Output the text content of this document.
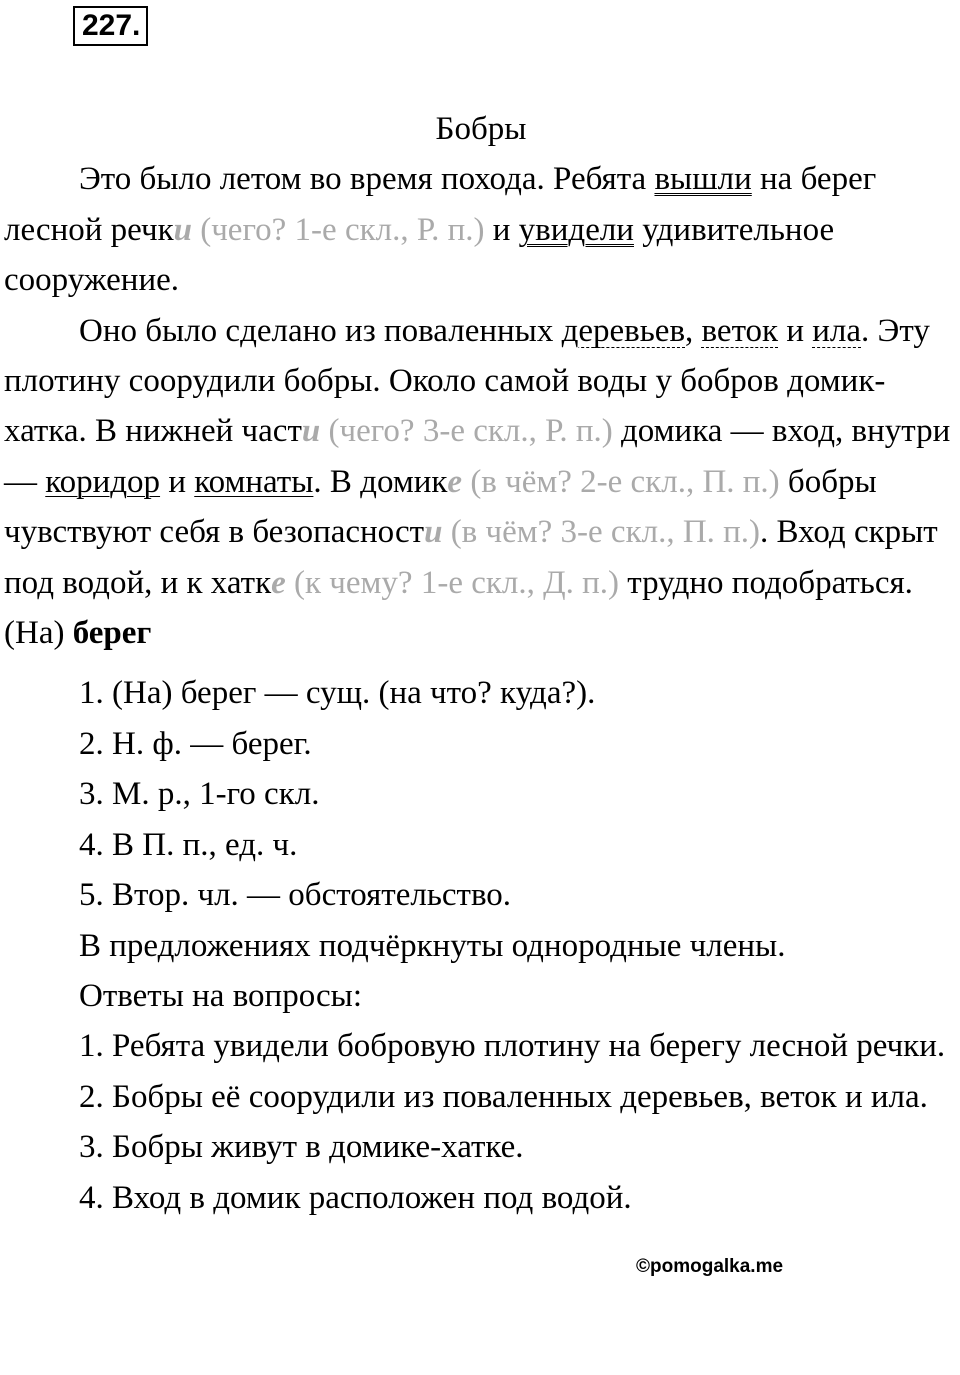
227.

Бобры

Это было летом во время похода. Ребята вышли на берег лесной речки (чего? 1-е скл., Р. п.) и увидели удивительное сооружение.

Оно было сделано из поваленных деревьев, веток и ила. Эту плотину соорудили бобры. Около самой воды у бобров домик-хатка. В нижней части (чего? 3-е скл., Р. п.) домика — вход, внутри — коридор и комнаты. В домике (в чём? 2-е скл., П. п.) бобры чувствуют себя в безопасности (в чём? 3-е скл., П. п.). Вход скрыт под водой, и к хатке (к чему? 1-е скл., Д. п.) трудно подобраться.

(На) берег

1. (На) берег — сущ. (на что? куда?).

2. Н. ф. — берег.

3. М. р., 1-го скл.

4. В П. п., ед. ч.

5. Втор. чл. — обстоятельство.

В предложениях подчёркнуты однородные члены.

Ответы на вопросы:

1. Ребята увидели бобровую плотину на берегу лесной речки.

2. Бобры её соорудили из поваленных деревьев, веток и ила.

3. Бобры живут в домике-хатке.

4. Вход в домик расположен под водой.

©pomogalka.me
